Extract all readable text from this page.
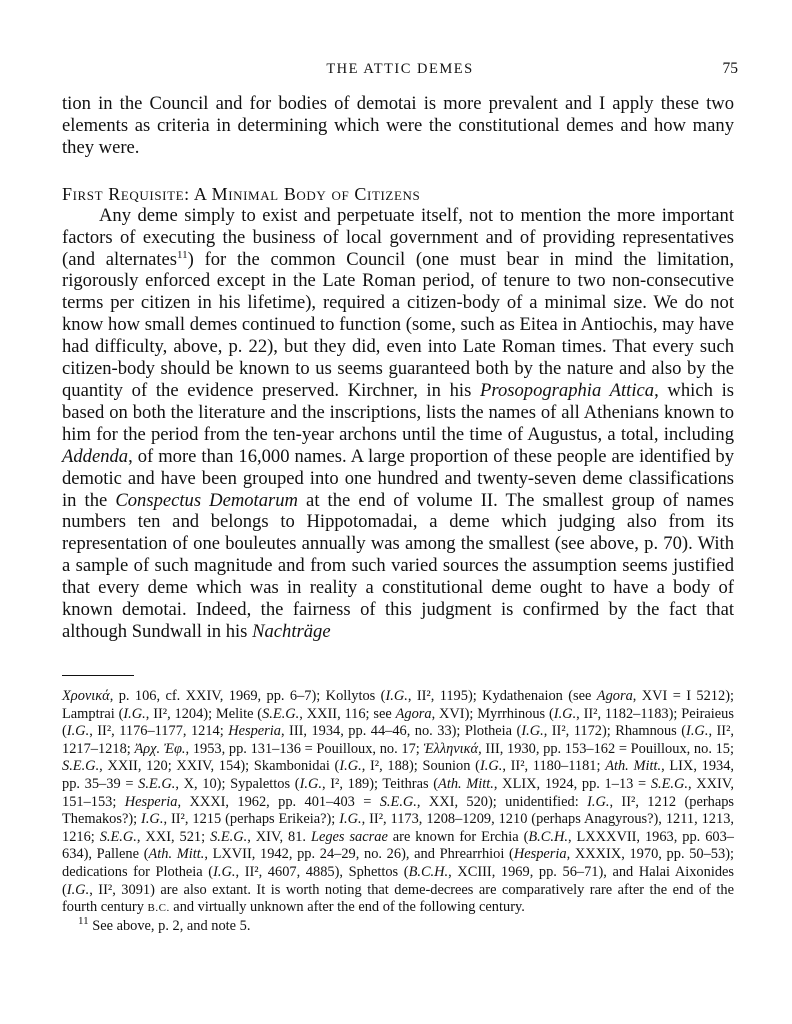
THE ATTIC DEMES	75

tion in the Council and for bodies of demotai is more prevalent and I apply these two elements as criteria in determining which were the constitutional demes and how many they were.

First Requisite: A Minimal Body of Citizens

Any deme simply to exist and perpetuate itself, not to mention the more important factors of executing the business of local government and of providing representatives (and alternates$^{11}$) for the common Council (one must bear in mind the limitation, rigorously enforced except in the Late Roman period, of tenure to two non-consecutive terms per citizen in his lifetime), required a citizen-body of a minimal size. We do not know how small demes continued to function (some, such as Eitea in Antiochis, may have had difficulty, above, p. 22), but they did, even into Late Roman times. That every such citizen-body should be known to us seems guaranteed both by the nature and also by the quantity of the evidence preserved. Kirchner, in his Prosopographia Attica, which is based on both the literature and the inscriptions, lists the names of all Athenians known to him for the period from the ten-year archons until the time of Augustus, a total, including Addenda, of more than 16,000 names. A large proportion of these people are identified by demotic and have been grouped into one hundred and twenty-seven deme classifications in the Conspectus Demotarum at the end of volume II. The smallest group of names numbers ten and belongs to Hippotomadai, a deme which judging also from its representation of one bouleutes annually was among the smallest (see above, p. 70). With a sample of such magnitude and from such varied sources the assumption seems justified that every deme which was in reality a constitutional deme ought to have a body of known demotai. Indeed, the fairness of this judgment is confirmed by the fact that although Sundwall in his Nachträge

Χρονικά, p. 106, cf. XXIV, 1969, pp. 6–7); Kollytos (I.G., II², 1195); Kydathenaion (see Agora, XVI = I 5212); Lamptrai (I.G., II², 1204); Melite (S.E.G., XXII, 116; see Agora, XVI); Myrrhinous (I.G., II², 1182–1183); Peiraieus (I.G., II², 1176–1177, 1214; Hesperia, III, 1934, pp. 44–46, no. 33); Plotheia (I.G., II², 1172); Rhamnous (I.G., II², 1217–1218; Ἀρχ. Ἐφ., 1953, pp. 131–136 = Pouilloux, no. 17; Ἑλληνικά, III, 1930, pp. 153–162 = Pouilloux, no. 15; S.E.G., XXII, 120; XXIV, 154); Skambonidai (I.G., I², 188); Sounion (I.G., II², 1180–1181; Ath. Mitt., LIX, 1934, pp. 35–39 = S.E.G., X, 10); Sypalettos (I.G., I², 189); Teithras (Ath. Mitt., XLIX, 1924, pp. 1–13 = S.E.G., XXIV, 151–153; Hesperia, XXXI, 1962, pp. 401–403 = S.E.G., XXI, 520); unidentified: I.G., II², 1212 (perhaps Themakos?); I.G., II², 1215 (perhaps Erikeia?); I.G., II², 1173, 1208–1209, 1210 (perhaps Anagyrous?), 1211, 1213, 1216; S.E.G., XXI, 521; S.E.G., XIV, 81. Leges sacrae are known for Erchia (B.C.H., LXXXVII, 1963, pp. 603–634), Pallene (Ath. Mitt., LXVII, 1942, pp. 24–29, no. 26), and Phrearrhioi (Hesperia, XXXIX, 1970, pp. 50–53); dedications for Plotheia (I.G., II², 4607, 4885), Sphettos (B.C.H., XCIII, 1969, pp. 56–71), and Halai Aixonides (I.G., II², 3091) are also extant. It is worth noting that deme-decrees are comparatively rare after the end of the fourth century B.C. and virtually unknown after the end of the following century.

$^{11}$ See above, p. 2, and note 5.
